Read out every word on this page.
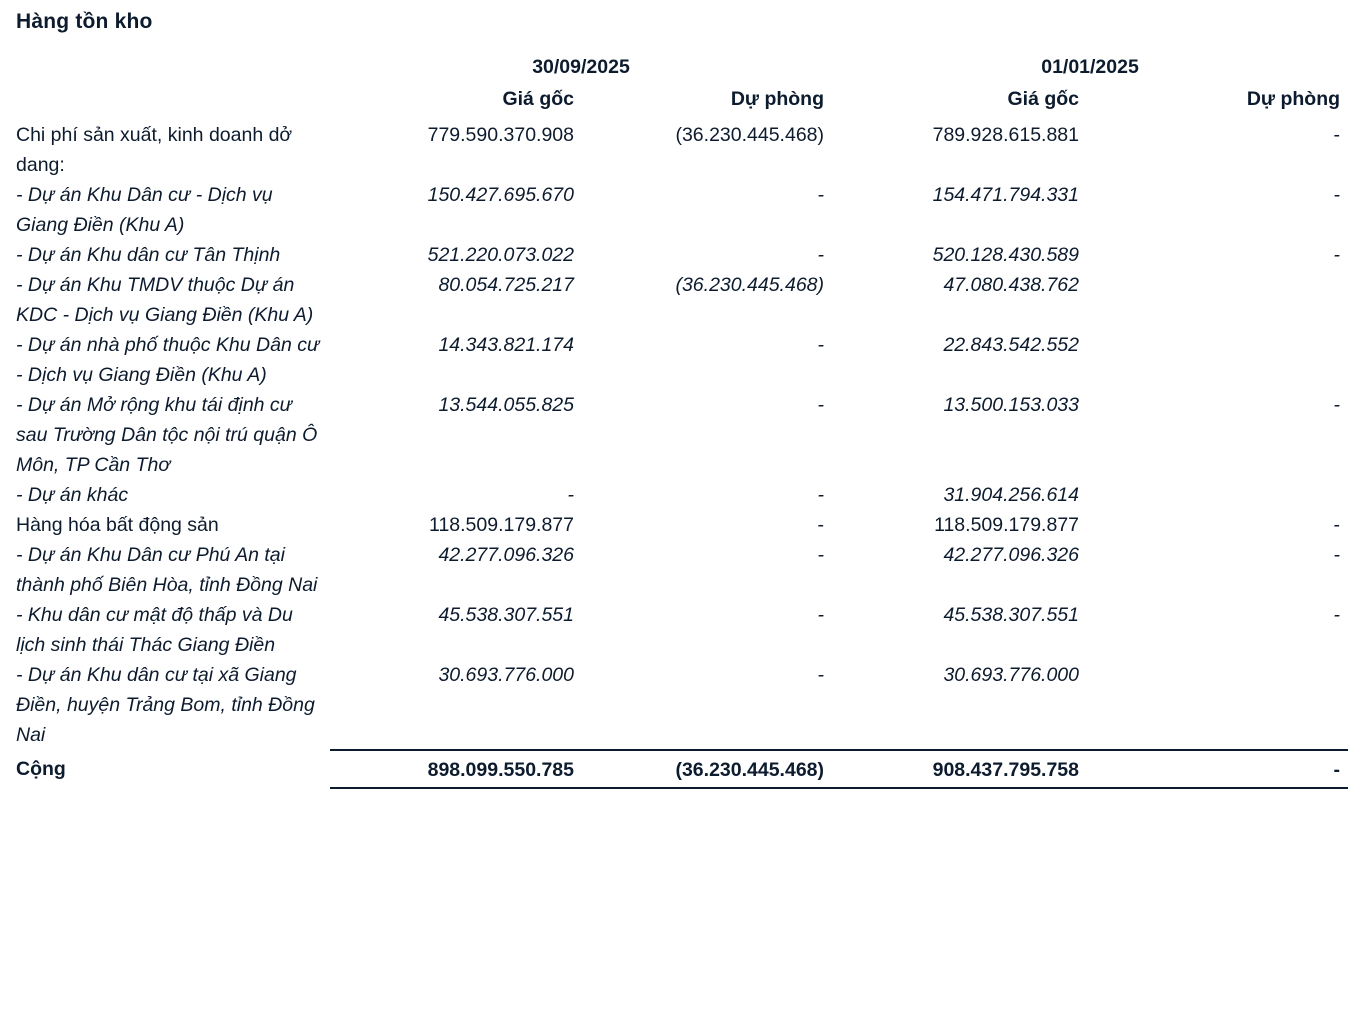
Hàng tồn kho
	30/09/2025		01/01/2025	
	Giá gốc	Dự phòng	Giá gốc	Dự phòng
Chi phí sản xuất, kinh doanh dở dang:	779.590.370.908	(36.230.445.468)	789.928.615.881	-
- Dự án Khu Dân cư - Dịch vụ Giang Điền (Khu A)	150.427.695.670	-	154.471.794.331	-
- Dự án Khu dân cư Tân Thịnh	521.220.073.022	-	520.128.430.589	-
- Dự án Khu TMDV thuộc Dự án KDC - Dịch vụ Giang Điền (Khu A)	80.054.725.217	(36.230.445.468)	47.080.438.762	
- Dự án nhà phố thuộc Khu Dân cư - Dịch vụ Giang Điền (Khu A)	14.343.821.174	-	22.843.542.552	
- Dự án Mở rộng khu tái định cư sau Trường Dân tộc nội trú quận Ô Môn, TP Cần Thơ	13.544.055.825	-	13.500.153.033	-
- Dự án khác	-	-	31.904.256.614	
Hàng hóa bất động sản	118.509.179.877	-	118.509.179.877	-
- Dự án Khu Dân cư Phú An tại thành phố Biên Hòa, tỉnh Đồng Nai	42.277.096.326	-	42.277.096.326	-
- Khu dân cư mật độ thấp và Du lịch sinh thái Thác Giang Điền	45.538.307.551	-	45.538.307.551	-
- Dự án Khu dân cư tại xã Giang Điền, huyện Trảng Bom, tỉnh Đồng Nai	30.693.776.000	-	30.693.776.000	
Cộng	898.099.550.785	(36.230.445.468)	908.437.795.758	-
